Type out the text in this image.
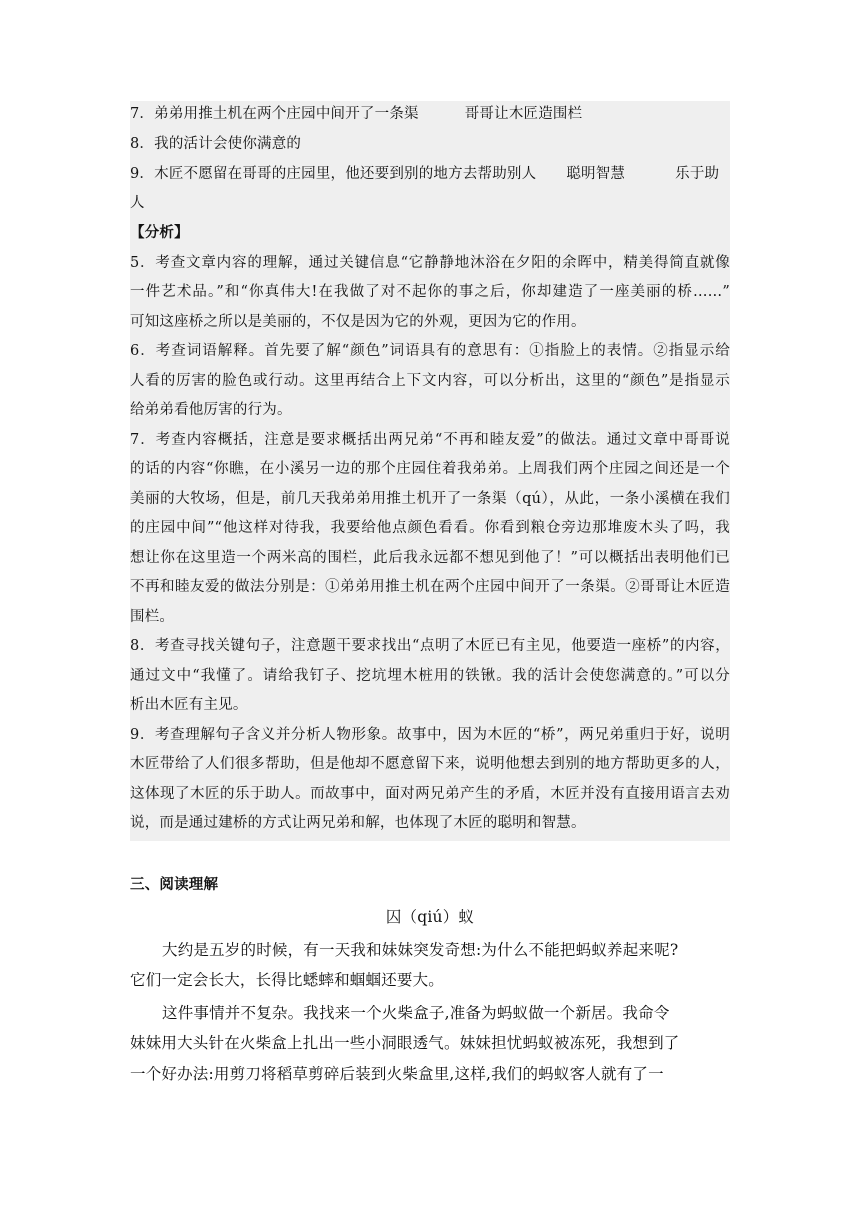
7．弟弟用推土机在两个庄园中间开了一条渠	哥哥让木匠造围栏
8．我的活计会使你满意的
9．木匠不愿留在哥哥的庄园里，他还要到别的地方去帮助别人 聪明智慧	乐于助
人
【分析】
5．考查文章内容的理解，通过关键信息“它静静地沐浴在夕阳的余晖中，精美得简直就像
一件艺术品。”和“你真伟大!在我做了对不起你的事之后，你却建造了一座美丽的桥……”
可知这座桥之所以是美丽的，不仅是因为它的外观，更因为它的作用。
6．考查词语解释。首先要了解“颜色”词语具有的意思有：①指脸上的表情。②指显示给
人看的厉害的脸色或行动。这里再结合上下文内容，可以分析出，这里的“颜色”是指显示
给弟弟看他厉害的行为。
7．考查内容概括，注意是要求概括出两兄弟“不再和睦友爱”的做法。通过文章中哥哥说
的话的内容“你瞧，在小溪另一边的那个庄园住着我弟弟。上周我们两个庄园之间还是一个
美丽的大牧场，但是，前几天我弟弟用推土机开了一条渠（qú），从此，一条小溪横在我们
的庄园中间”“他这样对待我，我要给他点颜色看看。你看到粮仓旁边那堆废木头了吗，我
想让你在这里造一个两米高的围栏，此后我永远都不想见到他了！”可以概括出表明他们已
不再和睦友爱的做法分别是：①弟弟用推土机在两个庄园中间开了一条渠。②哥哥让木匠造
围栏。
8．考查寻找关键句子，注意题干要求找出“点明了木匠已有主见，他要造一座桥”的内容，
通过文中“我懂了。请给我钉子、挖坑埋木桩用的铁锹。我的活计会使您满意的。”可以分
析出木匠有主见。
9．考查理解句子含义并分析人物形象。故事中，因为木匠的“桥”，两兄弟重归于好，说明
木匠带给了人们很多帮助，但是他却不愿意留下来，说明他想去到别的地方帮助更多的人，
这体现了木匠的乐于助人。而故事中，面对两兄弟产生的矛盾，木匠并没有直接用语言去劝
说，而是通过建桥的方式让两兄弟和解，也体现了木匠的聪明和智慧。
三、阅读理解
囚（qiú）蚁
大约是五岁的时候，有一天我和妹妹突发奇想:为什么不能把蚂蚁养起来呢?
它们一定会长大，长得比蟋蟀和蝈蝈还要大。
这件事情并不复杂。我找来一个火柴盒子,准备为蚂蚁做一个新居。我命令
妹妹用大头针在火柴盒上扎出一些小洞眼透气。妹妹担忧蚂蚁被冻死，我想到了
一个好办法:用剪刀将稻草剪碎后装到火柴盒里,这样,我们的蚂蚁客人就有了一
